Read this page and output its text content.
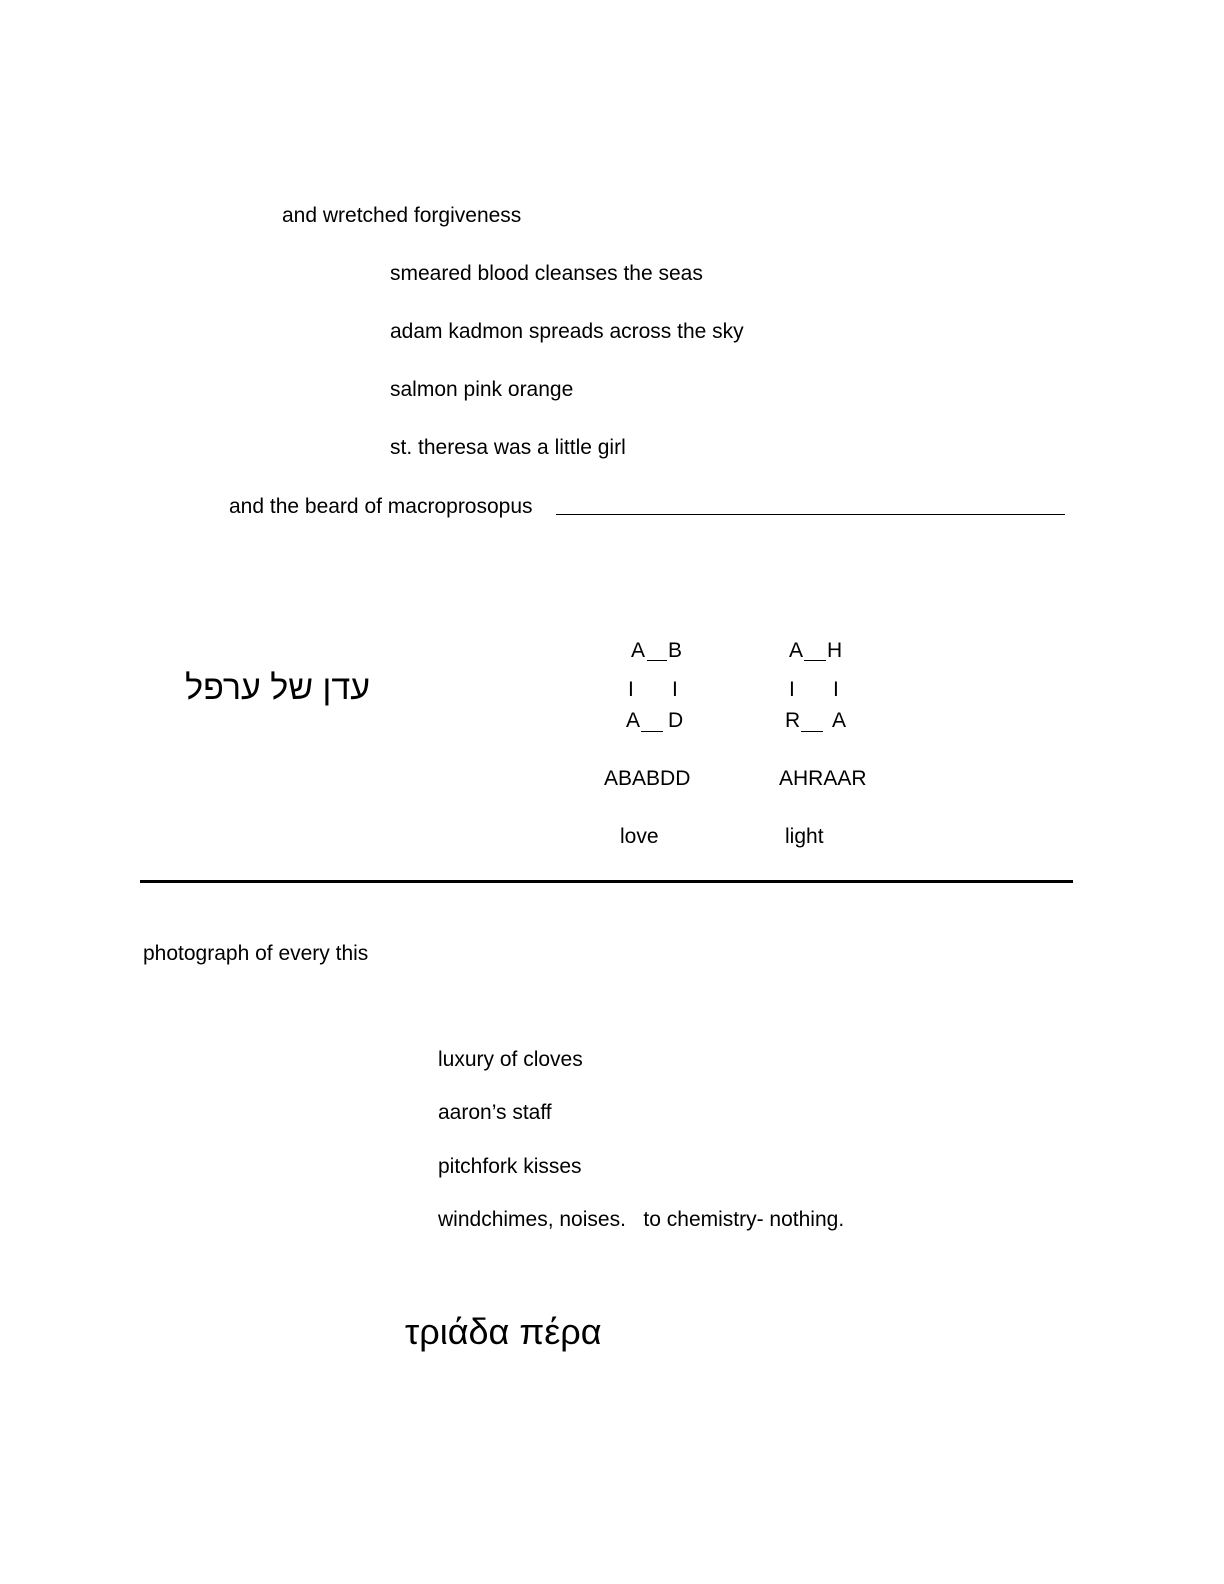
and wretched forgiveness
smeared blood cleanses the seas
adam kadmon spreads across the sky
salmon pink orange
st. theresa was a little girl
and the beard of macroprosopus
עדן של ערפל
A B
I I
A D
ABABDD
love
A H
I I
R A
AHRAAR
light
photograph of every this
luxury of cloves
aaron’s staff
pitchfork kisses
windchimes, noises.   to chemistry- nothing.
τριάδα πέρα
